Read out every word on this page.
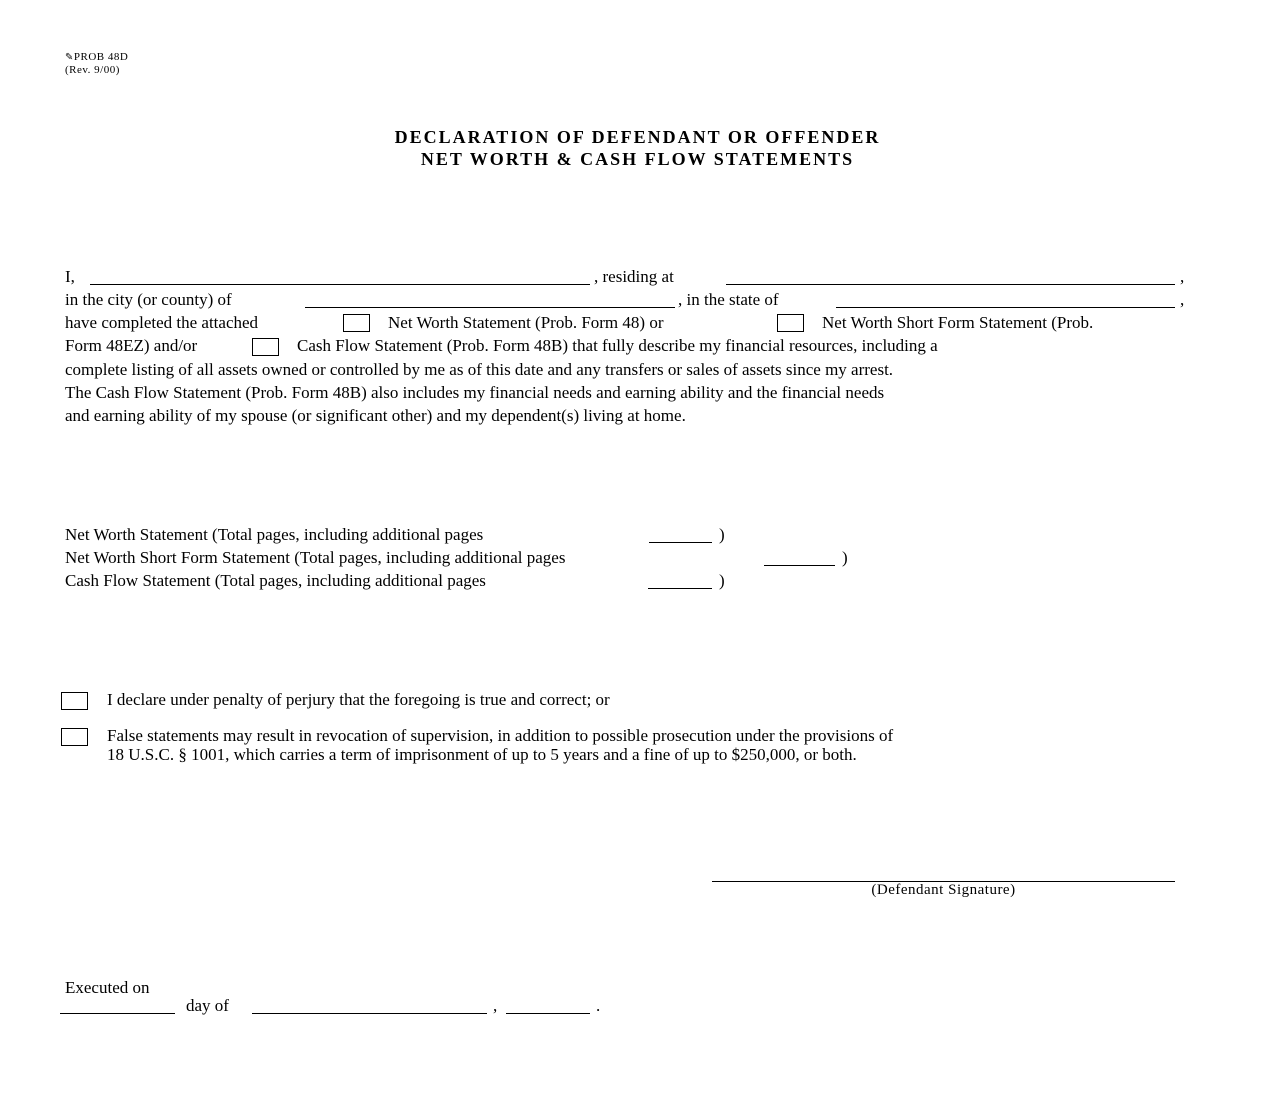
✎PROB 48D
(Rev. 9/00)
DECLARATION OF DEFENDANT OR OFFENDER
NET WORTH & CASH FLOW STATEMENTS
I,	, residing at	,
in the city (or county) of	, in the state of	,
have completed the attached	Net Worth Statement (Prob. Form 48) or	Net Worth Short Form Statement (Prob.
Form 48EZ) and/or	Cash Flow Statement (Prob. Form 48B) that fully describe my financial resources, including a
complete listing of all assets owned or controlled by me as of this date and any transfers or sales of assets since my arrest.
The Cash Flow Statement (Prob. Form 48B) also includes my financial needs and earning ability and the financial needs
and earning ability of my spouse (or significant other) and my dependent(s) living at home.
Net Worth Statement (Total pages, including additional pages	)
Net Worth Short Form Statement (Total pages, including additional pages	)
Cash Flow Statement (Total pages, including additional pages	)
I declare under penalty of perjury that the foregoing is true and correct; or
False statements may result in revocation of supervision, in addition to possible prosecution under the provisions of
18 U.S.C. § 1001, which carries a term of imprisonment of up to 5 years and a fine of up to $250,000, or both.
(Defendant Signature)
Executed on
day of	,	.
